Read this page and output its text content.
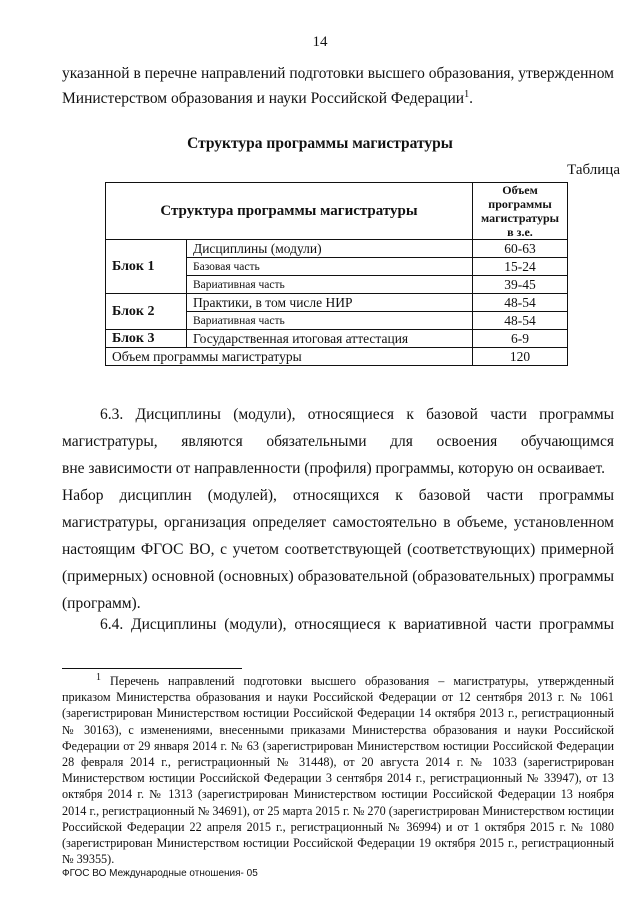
14

указанной в перечне направлений подготовки высшего образования, утвержденном

Министерством образования и науки Российской Федерации$^1$.

Структура программы магистратуры
Таблица
Структура программы магистратуры		Объем программы магистратуры в з.е.
Блок 1	Дисциплины (модули)	60-63
	Базовая часть	15-24
	Вариативная часть	39-45
Блок 2	Практики, в том числе НИР	48-54
	Вариативная часть	48-54
Блок 3	Государственная итоговая аттестация	6-9
Объем программы магистратуры		120

6.3. Дисциплины (модули), относящиеся к базовой части программы

магистратуры, являются обязательными для освоения обучающимся

вне зависимости от направленности (профиля) программы, которую он осваивает.

Набор дисциплин (модулей), относящихся к базовой части программы

магистратуры, организация определяет самостоятельно в объеме, установленном

настоящим ФГОС ВО, с учетом соответствующей (соответствующих) примерной

(примерных) основной (основных) образовательной (образовательных) программы

(программ).

6.4. Дисциплины (модули), относящиеся к вариативной части программы

$^1$ Перечень направлений подготовки высшего образования – магистратуры, утвержденный приказом Министерства образования и науки Российской Федерации от 12 сентября 2013 г. № 1061 (зарегистрирован Министерством юстиции Российской Федерации 14 октября 2013 г., регистрационный № 30163), с изменениями, внесенными приказами Министерства образования и науки Российской Федерации от 29 января 2014 г. № 63 (зарегистрирован Министерством юстиции Российской Федерации 28 февраля 2014 г., регистрационный № 31448), от 20 августа 2014 г. № 1033 (зарегистрирован Министерством юстиции Российской Федерации 3 сентября 2014 г., регистрационный № 33947), от 13 октября 2014 г. № 1313 (зарегистрирован Министерством юстиции Российской Федерации 13 ноября 2014 г., регистрационный № 34691), от 25 марта 2015 г. № 270 (зарегистрирован Министерством юстиции Российской Федерации 22 апреля 2015 г., регистрационный № 36994) и от 1 октября 2015 г. № 1080 (зарегистрирован Министерством юстиции Российской Федерации 19 октября 2015 г., регистрационный № 39355).

ФГОС ВО Международные отношения- 05
